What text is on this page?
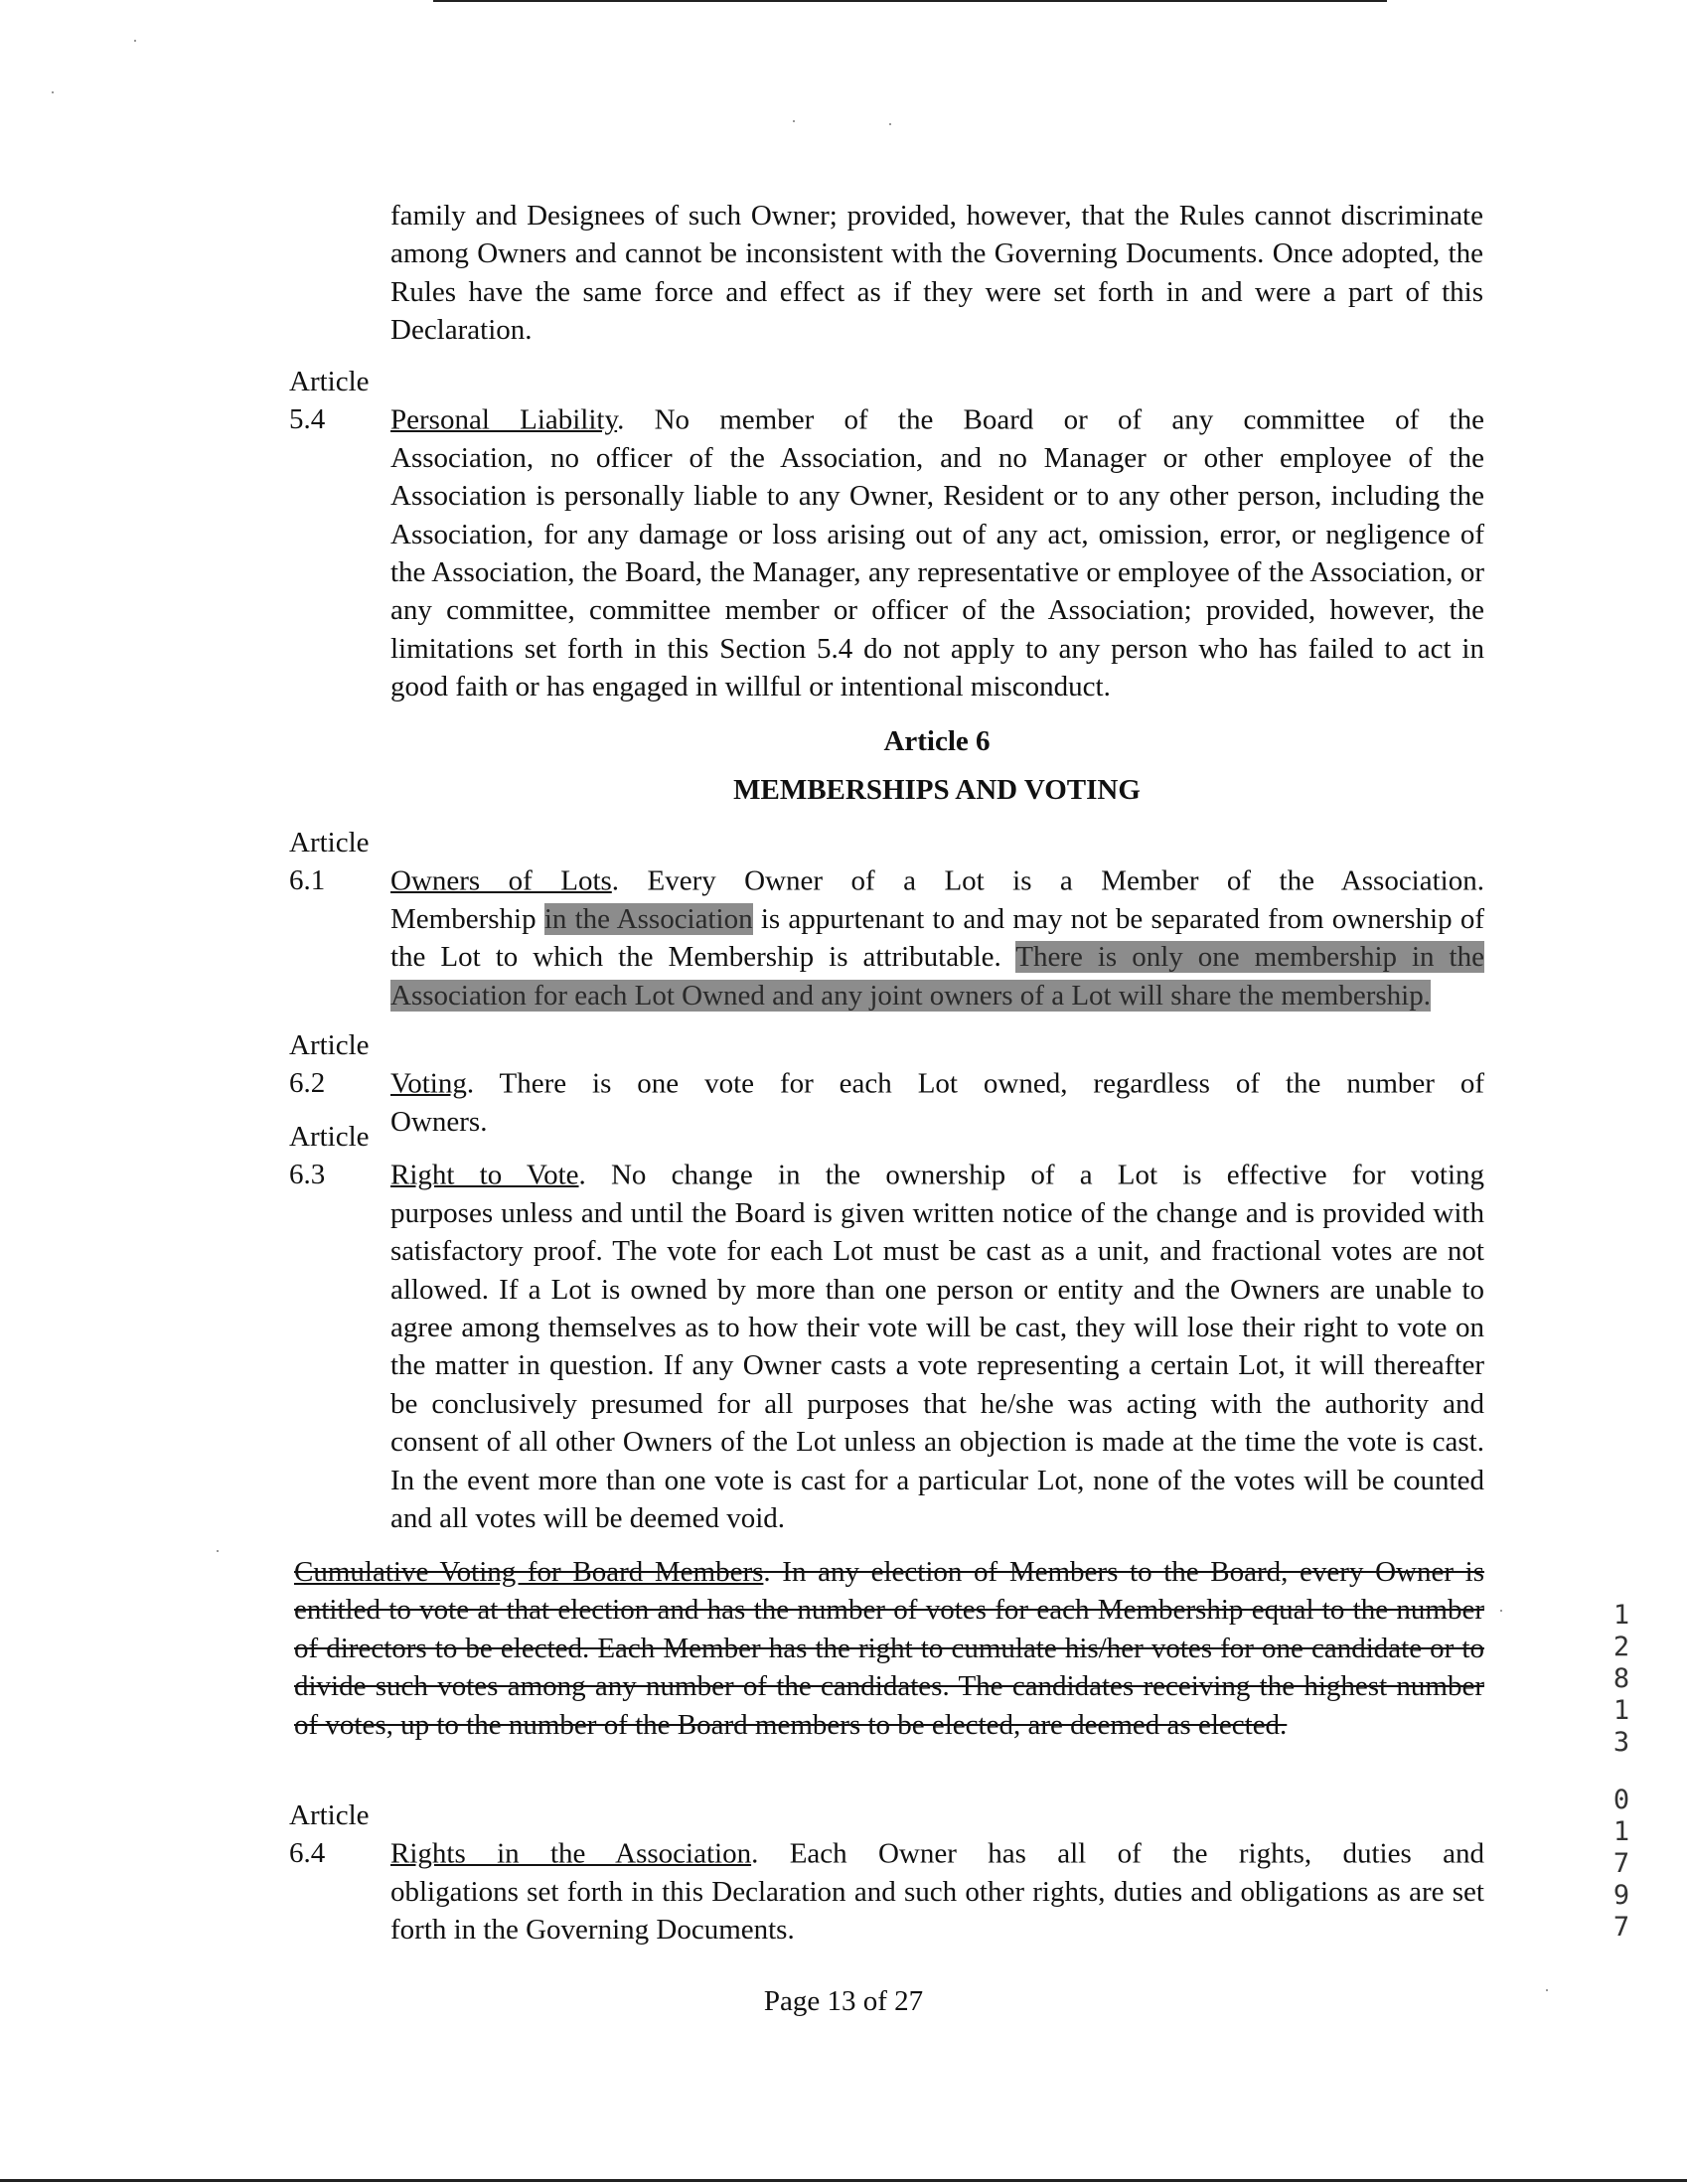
family and Designees of such Owner; provided, however, that the Rules cannot discriminate among Owners and cannot be inconsistent with the Governing Documents. Once adopted, the Rules have the same force and effect as if they were set forth in and were a part of this Declaration.
Article 5.4 Personal Liability. No member of the Board or of any committee of the
Association, no officer of the Association, and no Manager or other employee of the Association is personally liable to any Owner, Resident or to any other person, including the Association, for any damage or loss arising out of any act, omission, error, or negligence of the Association, the Board, the Manager, any representative or employee of the Association, or any committee, committee member or officer of the Association; provided, however, the limitations set forth in this Section 5.4 do not apply to any person who has failed to act in good faith or has engaged in willful or intentional misconduct.
Article 6
MEMBERSHIPS AND VOTING
Article 6.1 Owners of Lots. Every Owner of a Lot is a Member of the Association.
Membership in the Association is appurtenant to and may not be separated from ownership of the Lot to which the Membership is attributable. There is only one membership in the Association for each Lot Owned and any joint owners of a Lot will share the membership.
Article 6.2 Voting. There is one vote for each Lot owned, regardless of the number of
Owners.
Article 6.3 Right to Vote. No change in the ownership of a Lot is effective for voting
purposes unless and until the Board is given written notice of the change and is provided with satisfactory proof. The vote for each Lot must be cast as a unit, and fractional votes are not allowed. If a Lot is owned by more than one person or entity and the Owners are unable to agree among themselves as to how their vote will be cast, they will lose their right to vote on the matter in question. If any Owner casts a vote representing a certain Lot, it will thereafter be conclusively presumed for all purposes that he/she was acting with the authority and consent of all other Owners of the Lot unless an objection is made at the time the vote is cast. In the event more than one vote is cast for a particular Lot, none of the votes will be counted and all votes will be deemed void.
Cumulative Voting for Board Members. In any election of Members to the Board, every Owner is entitled to vote at that election and has the number of votes for each Membership equal to the number of directors to be elected. Each Member has the right to cumulate his/her votes for one candidate or to divide such votes among any number of the candidates. The candidates receiving the highest number of votes, up to the number of the Board members to be elected, are deemed as elected.
Article 6.4 Rights in the Association. Each Owner has all of the rights, duties and
obligations set forth in this Declaration and such other rights, duties and obligations as are set forth in the Governing Documents.
Page 13 of 27
1
2
8
1
3
0
1
7
9
7
